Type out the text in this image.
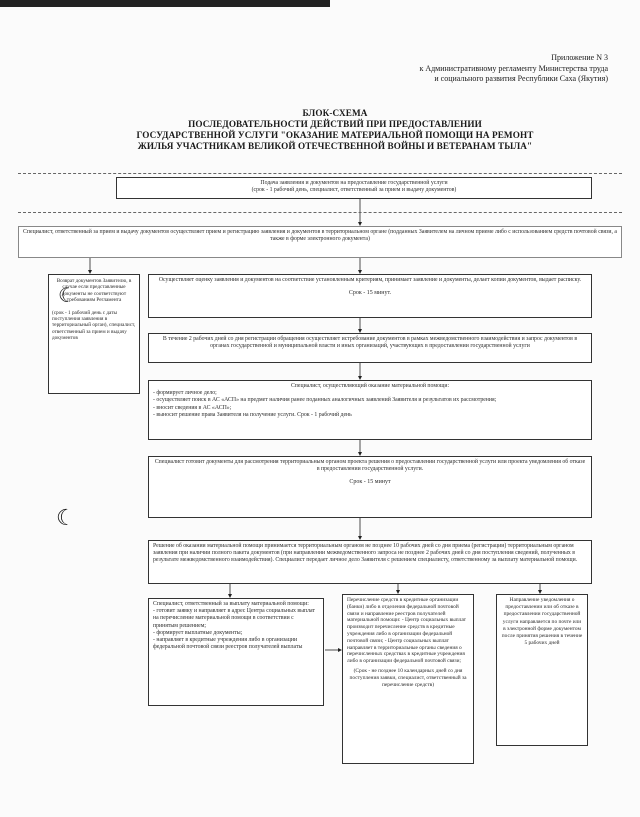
Приложение N 3
к Административному регламенту Министерства труда
и социального развития Республики Саха (Якутия)
БЛОК-СХЕМА
ПОСЛЕДОВАТЕЛЬНОСТИ ДЕЙСТВИЙ ПРИ ПРЕДОСТАВЛЕНИИ
ГОСУДАРСТВЕННОЙ УСЛУГИ "ОКАЗАНИЕ МАТЕРИАЛЬНОЙ ПОМОЩИ НА РЕМОНТ
ЖИЛЬЯ УЧАСТНИКАМ ВЕЛИКОЙ ОТЕЧЕСТВЕННОЙ ВОЙНЫ И ВЕТЕРАНАМ ТЫЛА"

Подача заявления и документов на предоставление государственной услуги

(срок - 1 рабочий день, специалист, ответственный за прием и выдачу документов)

Специалист, ответственный за прием и выдачу документов осуществляет прием и регистрацию заявления и документов в территориальном органе (подданных Заявителем на личном приеме либо с использованием средств почтовой связи, а также в форме электронного документа)

Возврат документов Заявителю, в случае если представленные документы не соответствуют требованиям Регламента

(срок - 1 рабочий день с даты поступления заявления в территориальный орган), специалист, ответственный за прием и выдачу документов

☾

Осуществляет оценку заявления и документов на соответствие установленным критериям, принимает заявление и документы, делает копии документов, выдает расписку.

Срок - 15 минут.

В течение 2 рабочих дней со дня регистрации обращения осуществляет истребование документов в рамках межведомственного взаимодействия и запрос документов в органах государственной и муниципальной власти и иных организаций, участвующих в предоставлении государственной услуги

Специалист, осуществляющий оказание материальной помощи:

- формирует личное дело;
- осуществляет поиск в АС «АСП» на предмет наличия ранее поданных аналогичных заявлений Заявителя и результатов их рассмотрения;
- вносит сведения в АС «АСП»;
- выносит решение права Заявителя на получение услуги. Срок - 1 рабочий день

Специалист готовит документы для рассмотрения территориальным органом проекта решения о предоставлении государственной услуги или проекта уведомления об отказе в предоставлении государственной услуги.

Срок - 15 минут

☾

Решение об оказании материальной помощи принимается территориальным органом не позднее 10 рабочих дней со дня приема (регистрации) территориальным органом заявления при наличии полного пакета документов (при направлении межведомственного запроса не позднее 2 рабочих дней со дня поступления сведений, полученных в результате межведомственного взаимодействия). Специалист передает личное дело Заявителя с решением специалисту, ответственному за выплату материальной помощи.

Специалист, ответственный за выплату материальной помощи:

- готовит заявку и направляет в адрес Центра социальных выплат на перечисление материальной помощи в соответствии с принятым решением;
- формирует выплатные документы;
- направляет в кредитные учреждения либо в организации федеральной почтовой связи реестров получателей выплаты

Перечисление средств в кредитные организации (банки) либо в отделения федеральной почтовой связи и направление реестров получателей материальной помощи: - Центр социальных выплат производит перечисление средств в кредитные учреждения либо в организации федеральной почтовой связи; - Центр социальных выплат направляет в территориальные органы сведения о перечисленных средствах в кредитные учреждения либо в организации федеральной почтовой связи;

(Срок - не позднее 10 календарных дней со дня поступления заявки, специалист, ответственный за перечисление средств)

Направление уведомления о предоставлении или об отказе в предоставлении государственной услуги направляется по почте или в электронной форме документом после принятия решения в течение 5 рабочих дней
